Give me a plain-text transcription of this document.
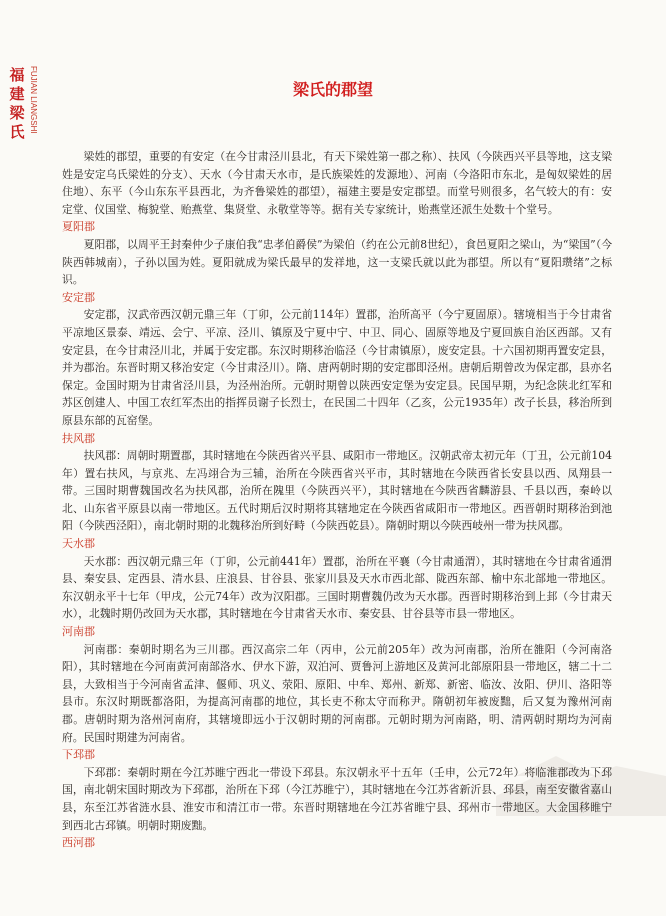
福
建
梁
氏 FUJIAN LIANGSHI	梁氏的郡望

梁姓的郡望，重要的有安定（在今甘肃泾川县北，有天下梁姓第一郡之称）、扶风（今陕西兴平县等地，这支梁姓是安定乌氏梁姓的分支）、天水（今甘肃天水市，是氏族梁姓的发源地）、河南（今洛阳市东北，是匈奴梁姓的居住地）、东平（今山东东平县西北，为齐鲁梁姓的郡望），福建主要是安定郡望。而堂号则很多，名气较大的有：安定堂、仪国堂、梅貌堂、贻燕堂、集贤堂、永敬堂等等。据有关专家统计，贻燕堂还派生处数十个堂号。

夏阳郡

夏阳郡，以周平王封秦仲少子康伯我“忠孝伯爵侯”为梁伯（约在公元前8世纪），食邑夏阳之梁山，为“梁国”（今陕西韩城南），子孙以国为姓。夏阳就成为梁氏最早的发祥地，这一支梁氏就以此为郡望。所以有“夏阳瓒绪”之标识。

安定郡

安定郡，汉武帝西汉朝元鼎三年（丁卯，公元前114年）置郡，治所高平（今宁夏固原）。辖境相当于今甘肃省平凉地区景泰、靖远、会宁、平凉、泾川、镇原及宁夏中宁、中卫、同心、固原等地及宁夏回族自治区西部。又有安定县，在今甘肃泾川北，并属于安定郡。东汉时期移治临泾（今甘肃镇原），废安定县。十六国初期再置安定县，并为郡治。东晋时期又移治安定（今甘肃泾川）。隋、唐两朝时期的安定郡即泾州。唐朝后期曾改为保定郡，县亦名保定。金国时期为甘肃省泾川县，为泾州治所。元朝时期曾以陕西安定堡为安定县。民国早期，为纪念陕北红军和苏区创建人、中国工农红军杰出的指挥员谢子长烈士，在民国二十四年（乙亥，公元1935年）改子长县，移治所到原县东部的瓦窑堡。

扶风郡

扶风郡：周朝时期置郡，其时辖地在今陕西省兴平县、咸阳市一带地区。汉朝武帝太初元年（丁丑，公元前104年）置右扶风，与京兆、左冯翊合为三辅，治所在今陕西省兴平市，其时辖地在今陕西省长安县以西、凤翔县一带。三国时期曹魏国改名为扶风郡，治所在隗里（今陕西兴平），其时辖地在今陕西省麟游县、千县以西，秦岭以北、山东省平原县以南一带地区。五代时期后汉时期将其辖地定在今陕西省咸阳市一带地区。西晋朝时期移治到池阳（今陕西泾阳），南北朝时期的北魏移治所到好畤（今陕西乾县）。隋朝时期以今陕西岐州一带为扶风郡。

天水郡

天水郡：西汉朝元鼎三年（丁卯，公元前441年）置郡，治所在平襄（今甘肃通渭），其时辖地在今甘肃省通渭县、秦安县、定西县、清水县、庄浪县、甘谷县、张家川县及天水市西北部、陇西东部、榆中东北部地一带地区。东汉朝永平十七年（甲戌，公元74年）改为汉阳郡。三国时期曹魏仍改为天水郡。西晋时期移治到上邽（今甘肃天水），北魏时期仍改回为天水郡，其时辖地在今甘肃省天水市、秦安县、甘谷县等市县一带地区。

河南郡

河南郡：秦朝时期名为三川郡。西汉高宗二年（丙申，公元前205年）改为河南郡，治所在雒阳（今河南洛阳），其时辖地在今河南黄河南部洛水、伊水下游，双泊河、贾鲁河上游地区及黄河北部原阳县一带地区，辖二十二县，大致相当于今河南省孟津、偃师、巩义、荥阳、原阳、中牟、郑州、新郑、新密、临汝、汝阳、伊川、洛阳等县市。东汉时期既都洛阳，为提高河南郡的地位，其长吏不称太守而称尹。隋朝初年被废黜，后又复为豫州河南郡。唐朝时期为洛州河南府，其辖境即远小于汉朝时期的河南郡。元朝时期为河南路，明、清两朝时期均为河南府。民国时期建为河南省。

下邳郡

下邳郡：秦朝时期在今江苏睢宁西北一带设下邳县。东汉朝永平十五年（壬申，公元72年）将临淮郡改为下邳国，南北朝宋国时期改为下邳郡，治所在下邳（今江苏睢宁），其时辖地在今江苏省新沂县、邳县，南至安徽省嘉山县，东至江苏省涟水县、淮安市和清江市一带。东晋时期辖地在今江苏省睢宁县、邳州市一带地区。大金国移睢宁到西北古邳镇。明朝时期废黜。

西河郡
